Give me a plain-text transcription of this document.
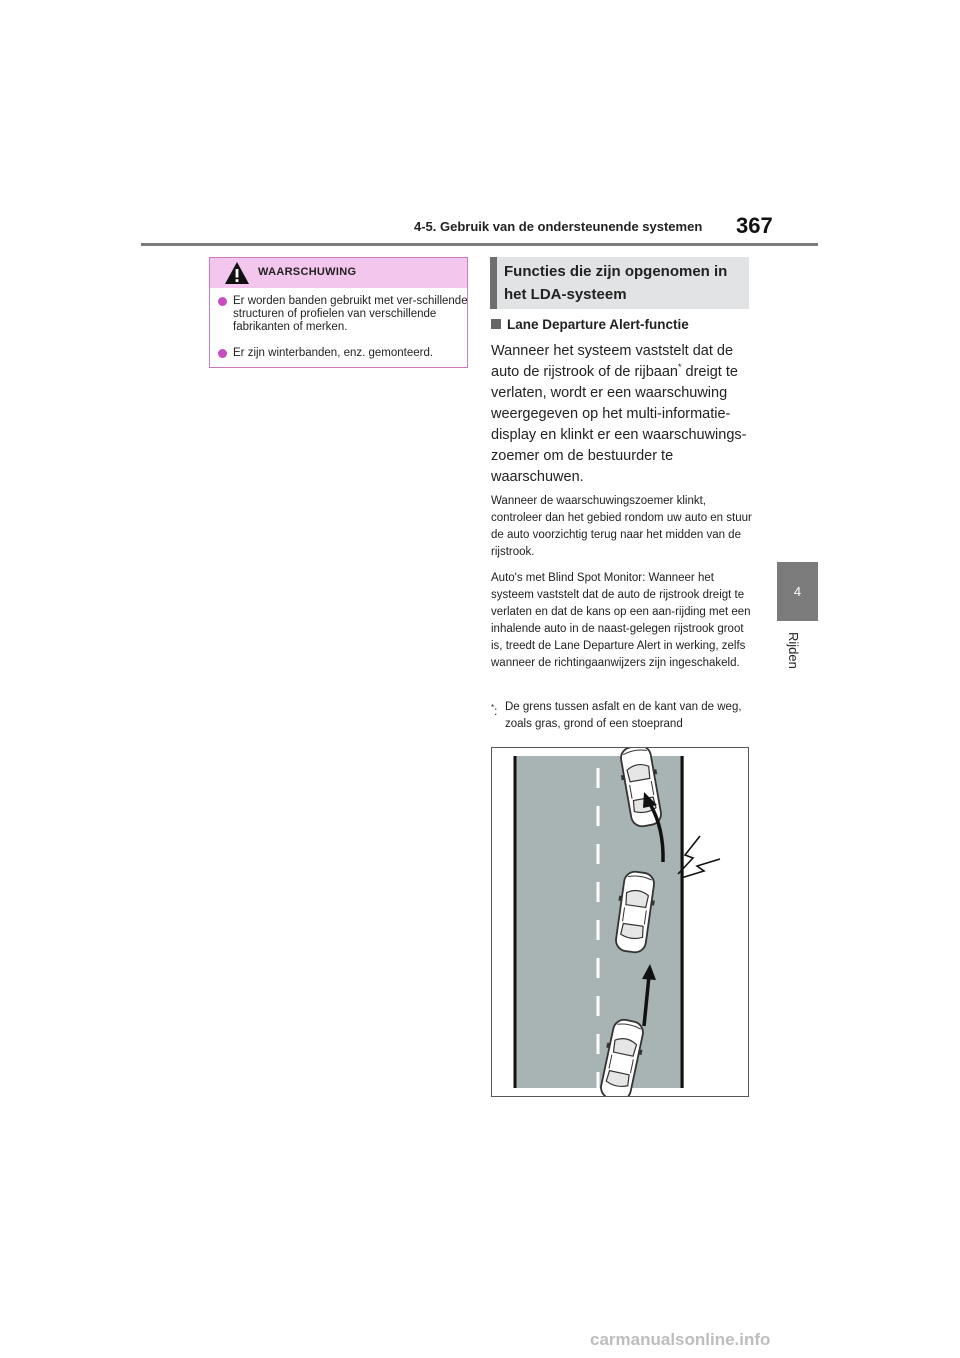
4-5. Gebruik van de ondersteunende systemen 367
4
Rijden
WAARSCHUWING
Er worden banden gebruikt met ver-schillende structuren of profielen van verschillende fabrikanten of merken.
Er zijn winterbanden, enz. gemonteerd.
Functies die zijn opgenomen in het LDA-systeem
Lane Departure Alert-functie
Wanneer het systeem vaststelt dat de auto de rijstrook of de rijbaan* dreigt te verlaten, wordt er een waarschuwing weergegeven op het multi-informatie-display en klinkt er een waarschuwings-zoemer om de bestuurder te waarschuwen.
Wanneer de waarschuwingszoemer klinkt, controleer dan het gebied rondom uw auto en stuur de auto voorzichtig terug naar het midden van de rijstrook.
Auto's met Blind Spot Monitor: Wanneer het systeem vaststelt dat de auto de rijstrook dreigt te verlaten en dat de kans op een aan-rijding met een inhalende auto in de naast-gelegen rijstrook groot is, treedt de Lane Departure Alert in werking, zelfs wanneer de richtingaanwijzers zijn ingeschakeld.
*: De grens tussen asfalt en de kant van de weg, zoals gras, grond of een stoeprand
carmanualsonline.info
